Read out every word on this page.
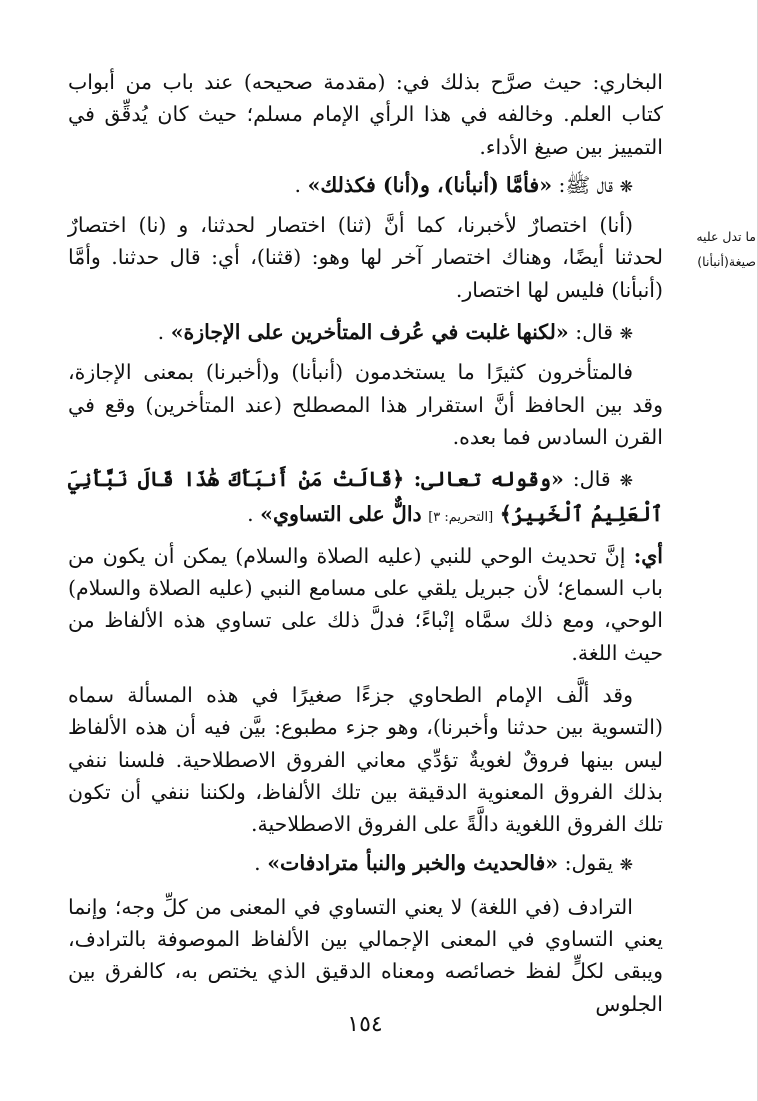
ما تدل عليه
صيغة(أنبأنا)

البخاري: حيث صرَّح بذلك في: (مقدمة صحيحه) عند باب من أبواب كتاب العلم. وخالفه في هذا الرأي الإمام مسلم؛ حيث كان يُدقِّق في التمييز بين صيغ الأداء.

❋ قال ﷺ: «فأمَّا (أنبأنا)، و(أنا) فكذلك» .

(أنا) اختصارٌ لأخبرنا، كما أنَّ (ثنا) اختصار لحدثنا، و (نا) اختصارٌ لحدثنا أيضًا، وهناك اختصار آخر لها وهو: (قثنا)، أي: قال حدثنا. وأمَّا (أنبأنا) فليس لها اختصار.

❋ قال: «لكنها غلبت في عُرف المتأخرين على الإجازة» .

فالمتأخرون كثيرًا ما يستخدمون (أنبأنا) و(أخبرنا) بمعنى الإجازة، وقد بين الحافظ أنَّ استقرار هذا المصطلح (عند المتأخرين) وقع في القرن السادس فما بعده.

❋ قال: «وقوله تعالى: ﴿قَالَتْ مَنْ أَنبَأَكَ هَٰذَا قَالَ نَبَّأَنِيَ ٱلْعَلِيمُ ٱلْخَبِيرُ﴾ [التحريم: ٣] دالٌّ على التساوي» .

أي: إنَّ تحديث الوحي للنبي (عليه الصلاة والسلام) يمكن أن يكون من باب السماع؛ لأن جبريل يلقي على مسامع النبي (عليه الصلاة والسلام) الوحي، ومع ذلك سمَّاه إنْباءً؛ فدلَّ ذلك على تساوي هذه الألفاظ من حيث اللغة.

وقد ألَّف الإمام الطحاوي جزءًا صغيرًا في هذه المسألة سماه (التسوية بين حدثنا وأخبرنا)، وهو جزء مطبوع: بيَّن فيه أن هذه الألفاظ ليس بينها فروقٌ لغويةٌ تؤدِّي معاني الفروق الاصطلاحية. فلسنا ننفي بذلك الفروق المعنوية الدقيقة بين تلك الألفاظ، ولكننا ننفي أن تكون تلك الفروق اللغوية دالَّةً على الفروق الاصطلاحية.

❋ يقول: «فالحديث والخبر والنبأ مترادفات» .

الترادف (في اللغة) لا يعني التساوي في المعنى من كلِّ وجه؛ وإنما يعني التساوي في المعنى الإجمالي بين الألفاظ الموصوفة بالترادف، ويبقى لكلٍّ لفظ خصائصه ومعناه الدقيق الذي يختص به، كالفرق بين الجلوس

١٥٤
